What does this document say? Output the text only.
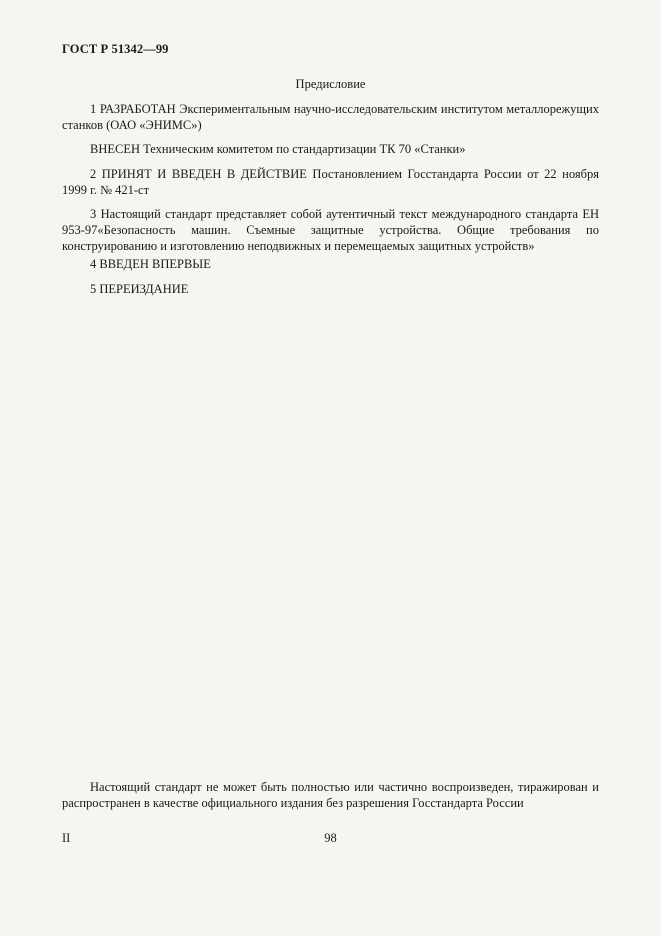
ГОСТ Р 51342—99
Предисловие
1 РАЗРАБОТАН Экспериментальным научно-исследовательским институтом металлорежущих станков (ОАО «ЭНИМС»)
ВНЕСЕН Техническим комитетом по стандартизации ТК 70 «Станки»
2 ПРИНЯТ И ВВЕДЕН В ДЕЙСТВИЕ Постановлением Госстандарта России от 22 ноября 1999 г. № 421-ст
3 Настоящий стандарт представляет собой аутентичный текст международного стандарта ЕН 953-97«Безопасность машин. Съемные защитные устройства. Общие требования по конструированию и изготовлению неподвижных и перемещаемых защитных устройств»
4 ВВЕДЕН ВПЕРВЫЕ
5 ПЕРЕИЗДАНИЕ
Настоящий стандарт не может быть полностью или частично воспроизведен, тиражирован и распространен в качестве официального издания без разрешения Госстандарта России
II	98
